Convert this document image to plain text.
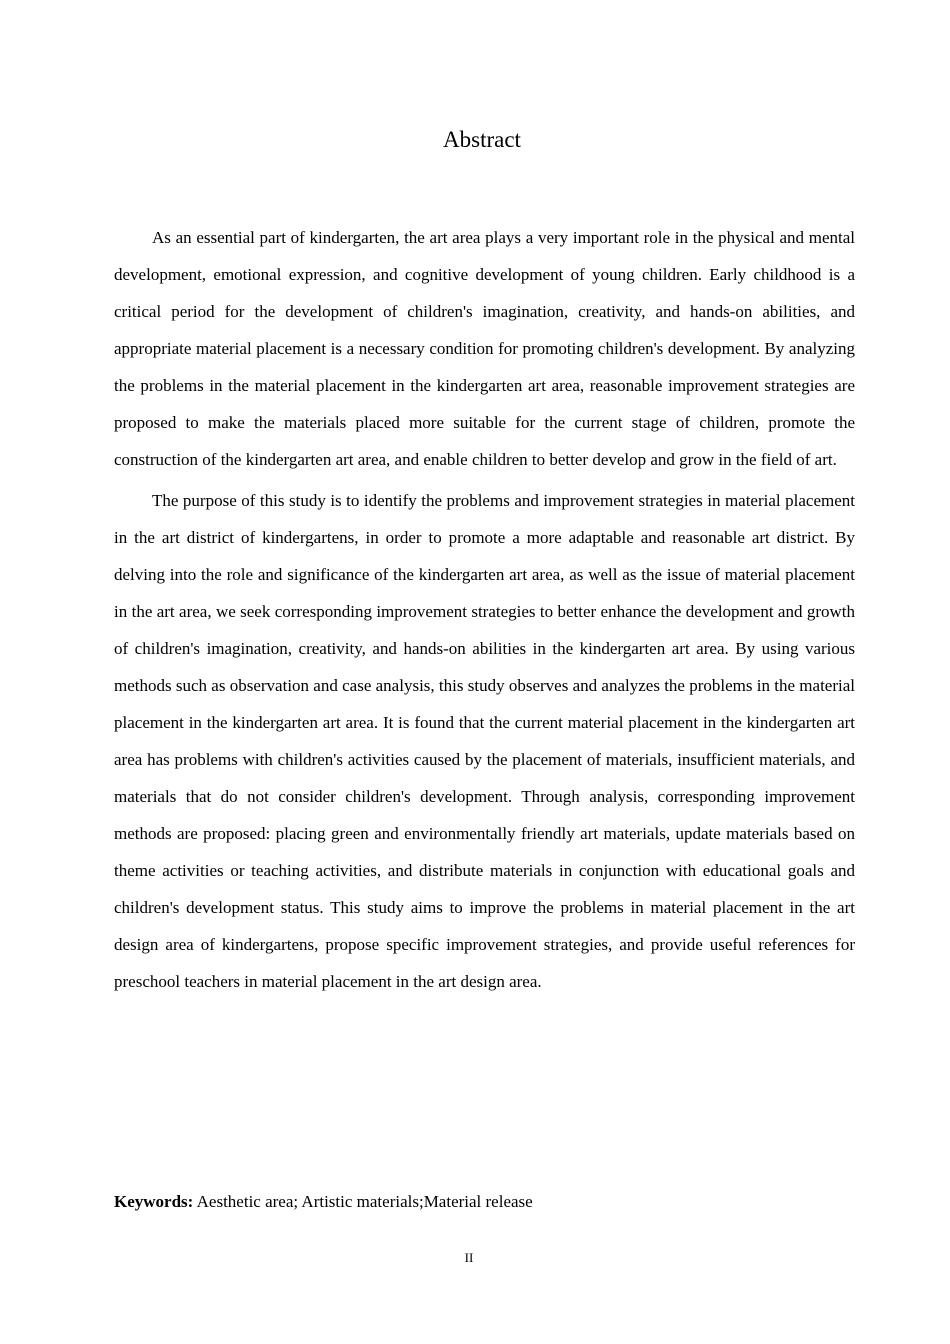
Abstract

As an essential part of kindergarten, the art area plays a very important role in the physical and mental development, emotional expression, and cognitive development of young children. Early childhood is a critical period for the development of children's imagination, creativity, and hands-on abilities, and appropriate material placement is a necessary condition for promoting children's development. By analyzing the problems in the material placement in the kindergarten art area, reasonable improvement strategies are proposed to make the materials placed more suitable for the current stage of children, promote the construction of the kindergarten art area, and enable children to better develop and grow in the field of art.

The purpose of this study is to identify the problems and improvement strategies in material placement in the art district of kindergartens, in order to promote a more adaptable and reasonable art district. By delving into the role and significance of the kindergarten art area, as well as the issue of material placement in the art area, we seek corresponding improvement strategies to better enhance the development and growth of children's imagination, creativity, and hands-on abilities in the kindergarten art area. By using various methods such as observation and case analysis, this study observes and analyzes the problems in the material placement in the kindergarten art area. It is found that the current material placement in the kindergarten art area has problems with children's activities caused by the placement of materials, insufficient materials, and materials that do not consider children's development. Through analysis, corresponding improvement methods are proposed: placing green and environmentally friendly art materials, update materials based on theme activities or teaching activities, and distribute materials in conjunction with educational goals and children's development status. This study aims to improve the problems in material placement in the art design area of kindergartens, propose specific improvement strategies, and provide useful references for preschool teachers in material placement in the art design area.

Keywords: Aesthetic area; Artistic materials;Material release

II
